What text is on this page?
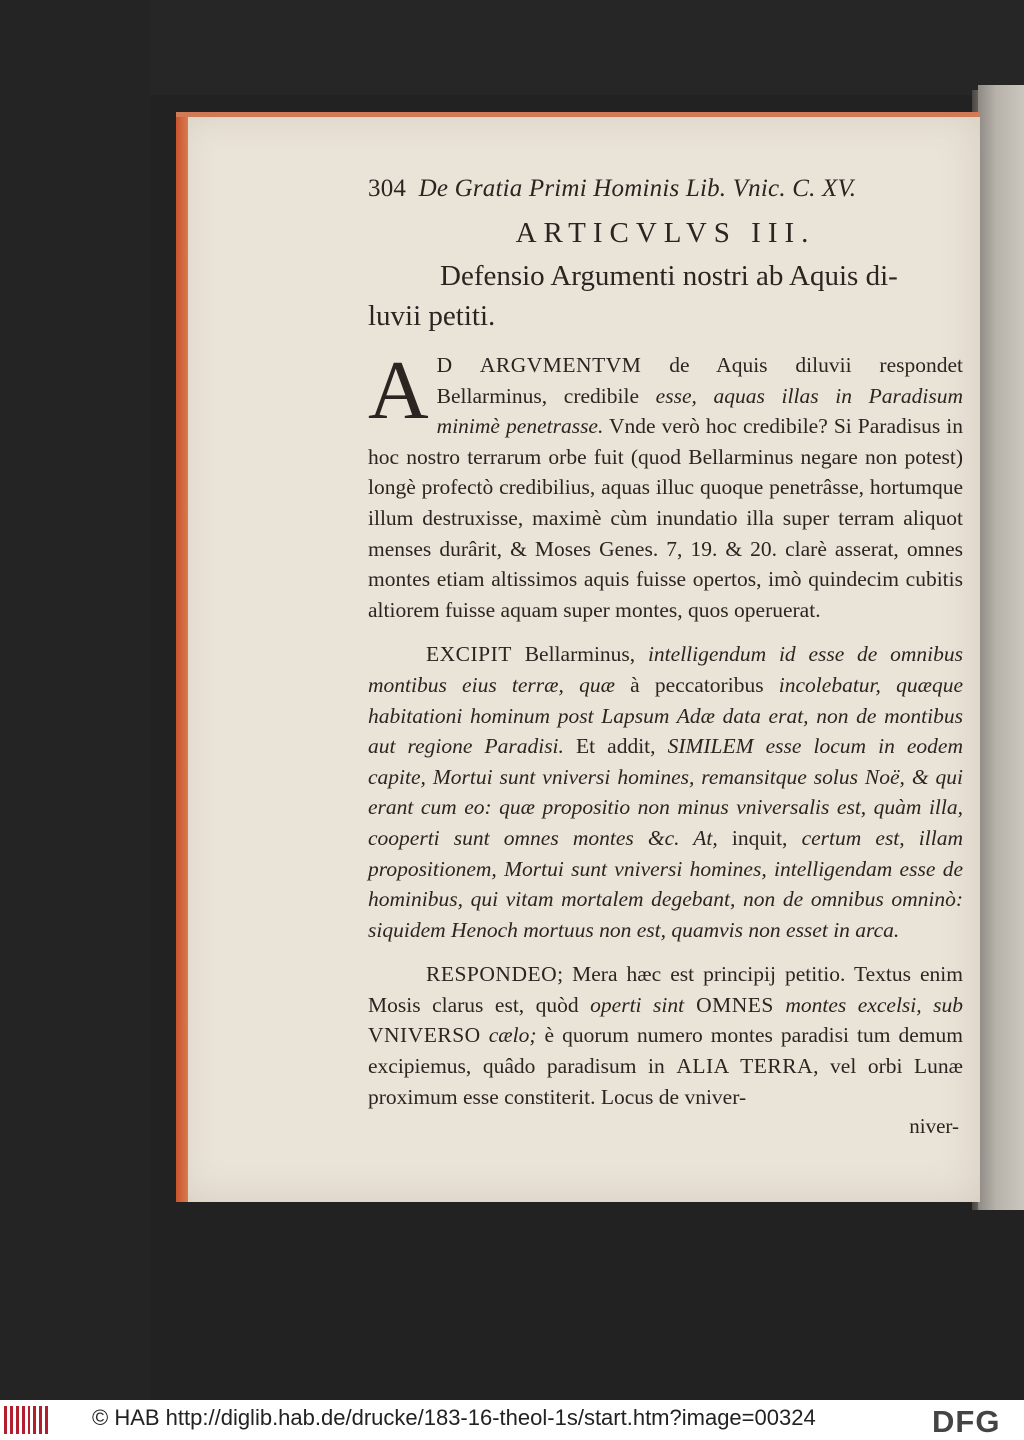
304 De Gratia Primi Hominis Lib. Vnic. C. XV.
ARTICVLVS III.
Defensio Argumenti nostri ab Aquis di-
luvii petiti.
A D ARGVMENTVM de Aquis diluvii respondet Bellarminus, credibile esse, aquas illas in Paradisum minimè penetrasse. Vnde verò hoc credibile? Si Paradisus in hoc nostro terrarum orbe fuit (quod Bellarminus negare non potest) longè profectò credibilius, aquas illuc quoque penetrâsse, hortumque illum destruxisse, maximè cùm inundatio illa super terram aliquot menses durârit, & Moses Genes. 7, 19. & 20. clarè asserat, omnes montes etiam altissimos aquis fuisse opertos, imò quindecim cubitis altiorem fuisse aquam super montes, quos operuerat.
EXCIPIT Bellarminus, intelligendum id esse de omnibus montibus eius terræ, quæ à peccatoribus incolebatur, quæque habitationi hominum post Lapsum Adæ data erat, non de montibus aut regione Paradisi. Et addit, SIMILEM esse locum in eodem capite, Mortui sunt vniversi homines, remansitque solus Noë, & qui erant cum eo: quæ propositio non minus vniversalis est, quàm illa, cooperti sunt omnes montes &c. At, inquit, certum est, illam propositionem, Mortui sunt vniversi homines, intelligendam esse de hominibus, qui vitam mortalem degebant, non de omnibus omninò: siquidem Henoch mortuus non est, quamvis non esset in arca.
RESPONDEO; Mera hæc est principij petitio. Textus enim Mosis clarus est, quòd operti sint OMNES montes excelsi, sub VNIVERSO cælo; è quorum numero montes paradisi tum demum excipiemus, quâdo paradisum in ALIA TERRA, vel orbi Lunæ proximum esse constiterit. Locus de vniver-
niver-
© HAB http://diglib.hab.de/drucke/183-16-theol-1s/start.htm?image=00324	DFG
